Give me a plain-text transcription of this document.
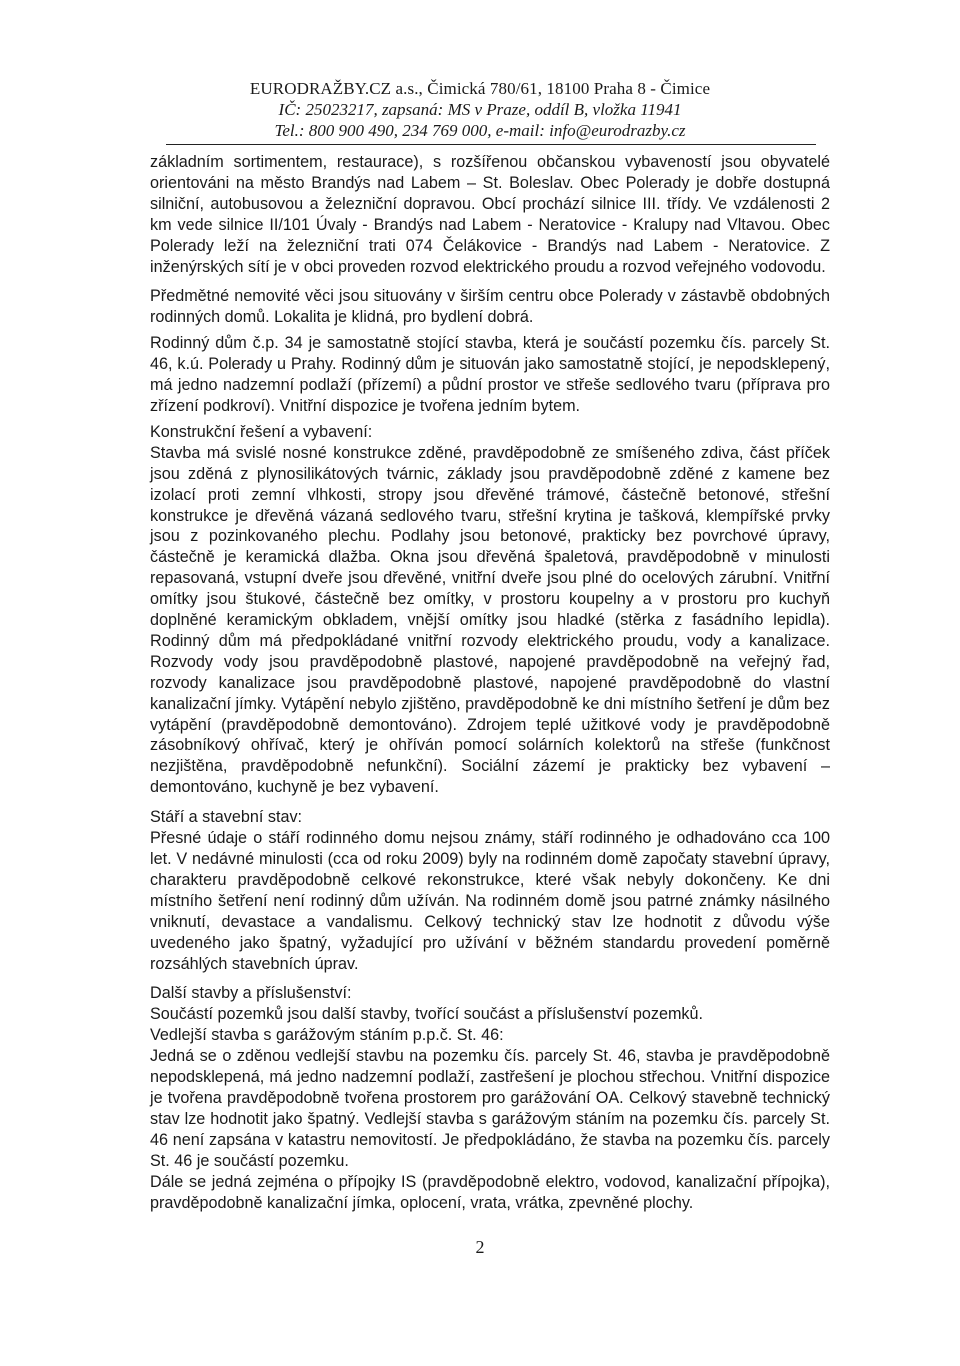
EURODRAŽBY.CZ a.s., Čimická 780/61, 18100 Praha 8 - Čimice
IČ: 25023217, zapsaná: MS v Praze, oddíl B, vložka 11941
Tel.: 800 900 490, 234 769 000, e-mail: info@eurodrazby.cz

základním sortimentem, restaurace), s rozšířenou občanskou vybaveností jsou obyvatelé orientováni na město Brandýs nad Labem – St. Boleslav. Obec Polerady je dobře dostupná silniční, autobusovou a železniční dopravou. Obcí prochází silnice III. třídy. Ve vzdálenosti 2 km vede silnice II/101 Úvaly - Brandýs nad Labem - Neratovice - Kralupy nad Vltavou. Obec Polerady leží na železniční trati 074 Čelákovice - Brandýs nad Labem - Neratovice. Z inženýrských sítí je v obci proveden rozvod elektrického proudu a rozvod veřejného vodovodu.

Předmětné nemovité věci jsou situovány v širším centru obce Polerady v zástavbě obdobných rodinných domů. Lokalita je klidná, pro bydlení dobrá.

Rodinný dům č.p. 34 je samostatně stojící stavba, která je součástí pozemku čís. parcely St. 46, k.ú. Polerady u Prahy. Rodinný dům je situován jako samostatně stojící, je nepodsklepený, má jedno nadzemní podlaží (přízemí) a půdní prostor ve střeše sedlového tvaru (příprava pro zřízení podkroví). Vnitřní dispozice je tvořena jedním bytem.

Konstrukční řešení a vybavení:

Stavba má svislé nosné konstrukce zděné, pravděpodobně ze smíšeného zdiva, část příček jsou zděná z plynosilikátových tvárnic, základy jsou pravděpodobně zděné z kamene bez izolací proti zemní vlhkosti, stropy jsou dřevěné trámové, částečně betonové, střešní konstrukce je dřevěná vázaná sedlového tvaru, střešní krytina je tašková, klempířské prvky jsou z pozinkovaného plechu. Podlahy jsou betonové, prakticky bez povrchové úpravy, částečně je keramická dlažba. Okna jsou dřevěná špaletová, pravděpodobně v minulosti repasovaná, vstupní dveře jsou dřevěné, vnitřní dveře jsou plné do ocelových zárubní. Vnitřní omítky jsou štukové, částečně bez omítky, v prostoru koupelny a v prostoru pro kuchyň doplněné keramickým obkladem, vnější omítky jsou hladké (stěrka z fasádního lepidla). Rodinný dům má předpokládané vnitřní rozvody elektrického proudu, vody a kanalizace. Rozvody vody jsou pravděpodobně plastové, napojené pravděpodobně na veřejný řad, rozvody kanalizace jsou pravděpodobně plastové, napojené pravděpodobně do vlastní kanalizační jímky. Vytápění nebylo zjištěno, pravděpodobně ke dni místního šetření je dům bez vytápění (pravděpodobně demontováno). Zdrojem teplé užitkové vody je pravděpodobně zásobníkový ohřívač, který je ohříván pomocí solárních kolektorů na střeše (funkčnost nezjištěna, pravděpodobně nefunkční). Sociální zázemí je prakticky bez vybavení – demontováno, kuchyně je bez vybavení.

Stáří a stavební stav:

Přesné údaje o stáří rodinného domu nejsou známy, stáří rodinného je odhadováno cca 100 let. V nedávné minulosti (cca od roku 2009) byly na rodinném domě započaty stavební úpravy, charakteru pravděpodobně celkové rekonstrukce, které však nebyly dokončeny. Ke dni místního šetření není rodinný dům užíván. Na rodinném domě jsou patrné známky násilného vniknutí, devastace a vandalismu. Celkový technický stav lze hodnotit z důvodu výše uvedeného jako špatný, vyžadující pro užívání v běžném standardu provedení poměrně rozsáhlých stavebních úprav.

Další stavby a příslušenství:

Součástí pozemků jsou další stavby, tvořící součást a příslušenství pozemků.

Vedlejší stavba s garážovým stáním p.p.č. St. 46:

Jedná se o zděnou vedlejší stavbu na pozemku čís. parcely St. 46, stavba je pravděpodobně nepodsklepená, má jedno nadzemní podlaží, zastřešení je plochou střechou. Vnitřní dispozice je tvořena pravděpodobně tvořena prostorem pro garážování OA. Celkový stavebně technický stav lze hodnotit jako špatný. Vedlejší stavba s garážovým stáním na pozemku čís. parcely St. 46 není zapsána v katastru nemovitostí. Je předpokládáno, že stavba na pozemku čís. parcely St. 46 je součástí pozemku.

Dále se jedná zejména o přípojky IS (pravděpodobně elektro, vodovod, kanalizační přípojka), pravděpodobně kanalizační jímka, oplocení, vrata, vrátka, zpevněné plochy.

2
